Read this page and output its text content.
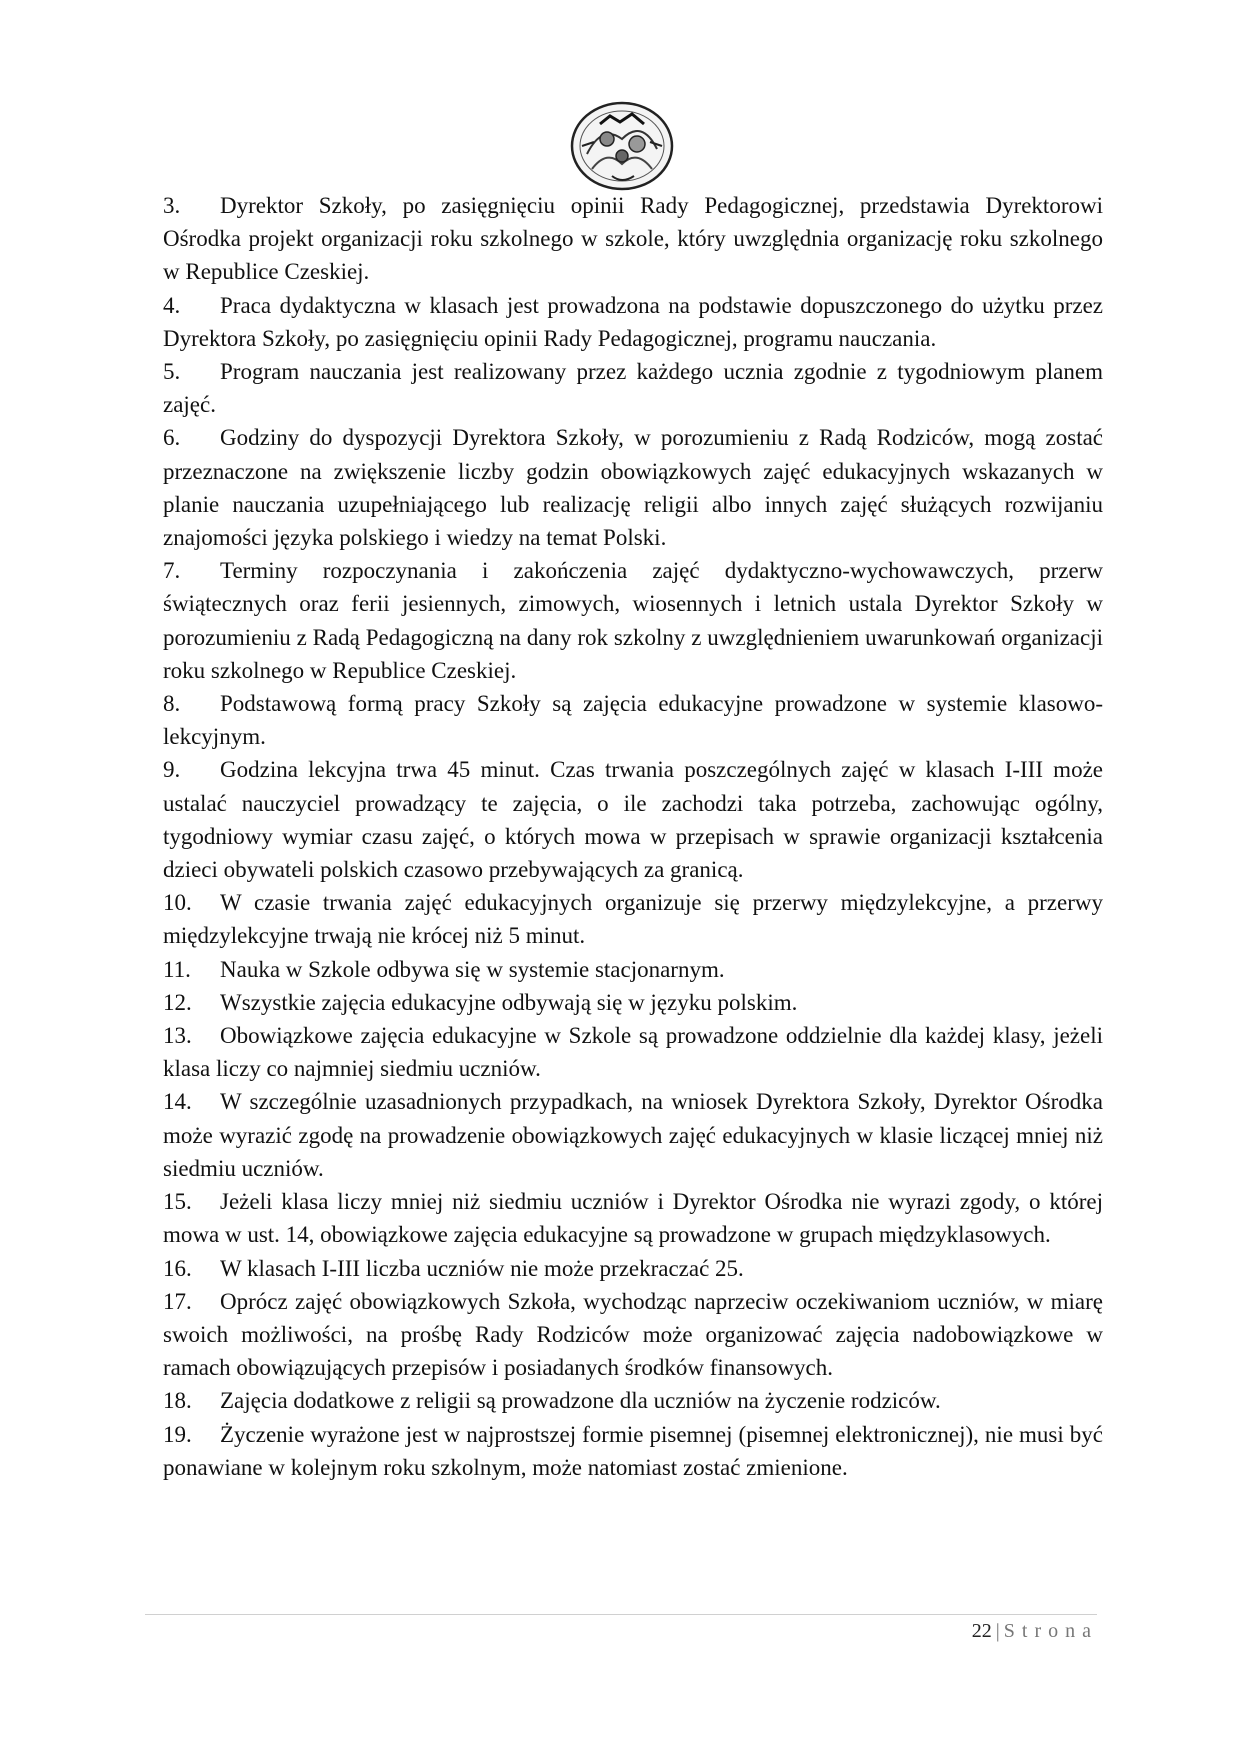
3. Dyrektor Szkoły, po zasięgnięciu opinii Rady Pedagogicznej, przedstawia Dyrektorowi Ośrodka projekt organizacji roku szkolnego w szkole, który uwzględnia organizację roku szkolnego w Republice Czeskiej.

4. Praca dydaktyczna w klasach jest prowadzona na podstawie dopuszczonego do użytku przez Dyrektora Szkoły, po zasięgnięciu opinii Rady Pedagogicznej, programu nauczania.

5. Program nauczania jest realizowany przez każdego ucznia zgodnie z tygodniowym planem zajęć.

6. Godziny do dyspozycji Dyrektora Szkoły, w porozumieniu z Radą Rodziców, mogą zostać przeznaczone na zwiększenie liczby godzin obowiązkowych zajęć edukacyjnych wskazanych w planie nauczania uzupełniającego lub realizację religii albo innych zajęć służących rozwijaniu znajomości języka polskiego i wiedzy na temat Polski.

7. Terminy rozpoczynania i zakończenia zajęć dydaktyczno-wychowawczych, przerw świątecznych oraz ferii jesiennych, zimowych, wiosennych i letnich ustala Dyrektor Szkoły w porozumieniu z Radą Pedagogiczną na dany rok szkolny z uwzględnieniem uwarunkowań organizacji roku szkolnego w Republice Czeskiej.

8. Podstawową formą pracy Szkoły są zajęcia edukacyjne prowadzone w systemie klasowo-lekcyjnym.

9. Godzina lekcyjna trwa 45 minut. Czas trwania poszczególnych zajęć w klasach I-III może ustalać nauczyciel prowadzący te zajęcia, o ile zachodzi taka potrzeba, zachowując ogólny, tygodniowy wymiar czasu zajęć, o których mowa w przepisach w sprawie organizacji kształcenia dzieci obywateli polskich czasowo przebywających za granicą.

10. W czasie trwania zajęć edukacyjnych organizuje się przerwy międzylekcyjne, a przerwy międzylekcyjne trwają nie krócej niż 5 minut.

11. Nauka w Szkole odbywa się w systemie stacjonarnym.

12. Wszystkie zajęcia edukacyjne odbywają się w języku polskim.

13. Obowiązkowe zajęcia edukacyjne w Szkole są prowadzone oddzielnie dla każdej klasy, jeżeli klasa liczy co najmniej siedmiu uczniów.

14. W szczególnie uzasadnionych przypadkach, na wniosek Dyrektora Szkoły, Dyrektor Ośrodka może wyrazić zgodę na prowadzenie obowiązkowych zajęć edukacyjnych w klasie liczącej mniej niż siedmiu uczniów.

15. Jeżeli klasa liczy mniej niż siedmiu uczniów i Dyrektor Ośrodka nie wyrazi zgody, o której mowa w ust. 14, obowiązkowe zajęcia edukacyjne są prowadzone w grupach międzyklasowych.

16. W klasach I-III liczba uczniów nie może przekraczać 25.

17. Oprócz zajęć obowiązkowych Szkoła, wychodząc naprzeciw oczekiwaniom uczniów, w miarę swoich możliwości, na prośbę Rady Rodziców może organizować zajęcia nadobowiązkowe w ramach obowiązujących przepisów i posiadanych środków finansowych.

18. Zajęcia dodatkowe z religii są prowadzone dla uczniów na życzenie rodziców.

19. Życzenie wyrażone jest w najprostszej formie pisemnej (pisemnej elektronicznej), nie musi być ponawiane w kolejnym roku szkolnym, może natomiast zostać zmienione.

22 | Strona
